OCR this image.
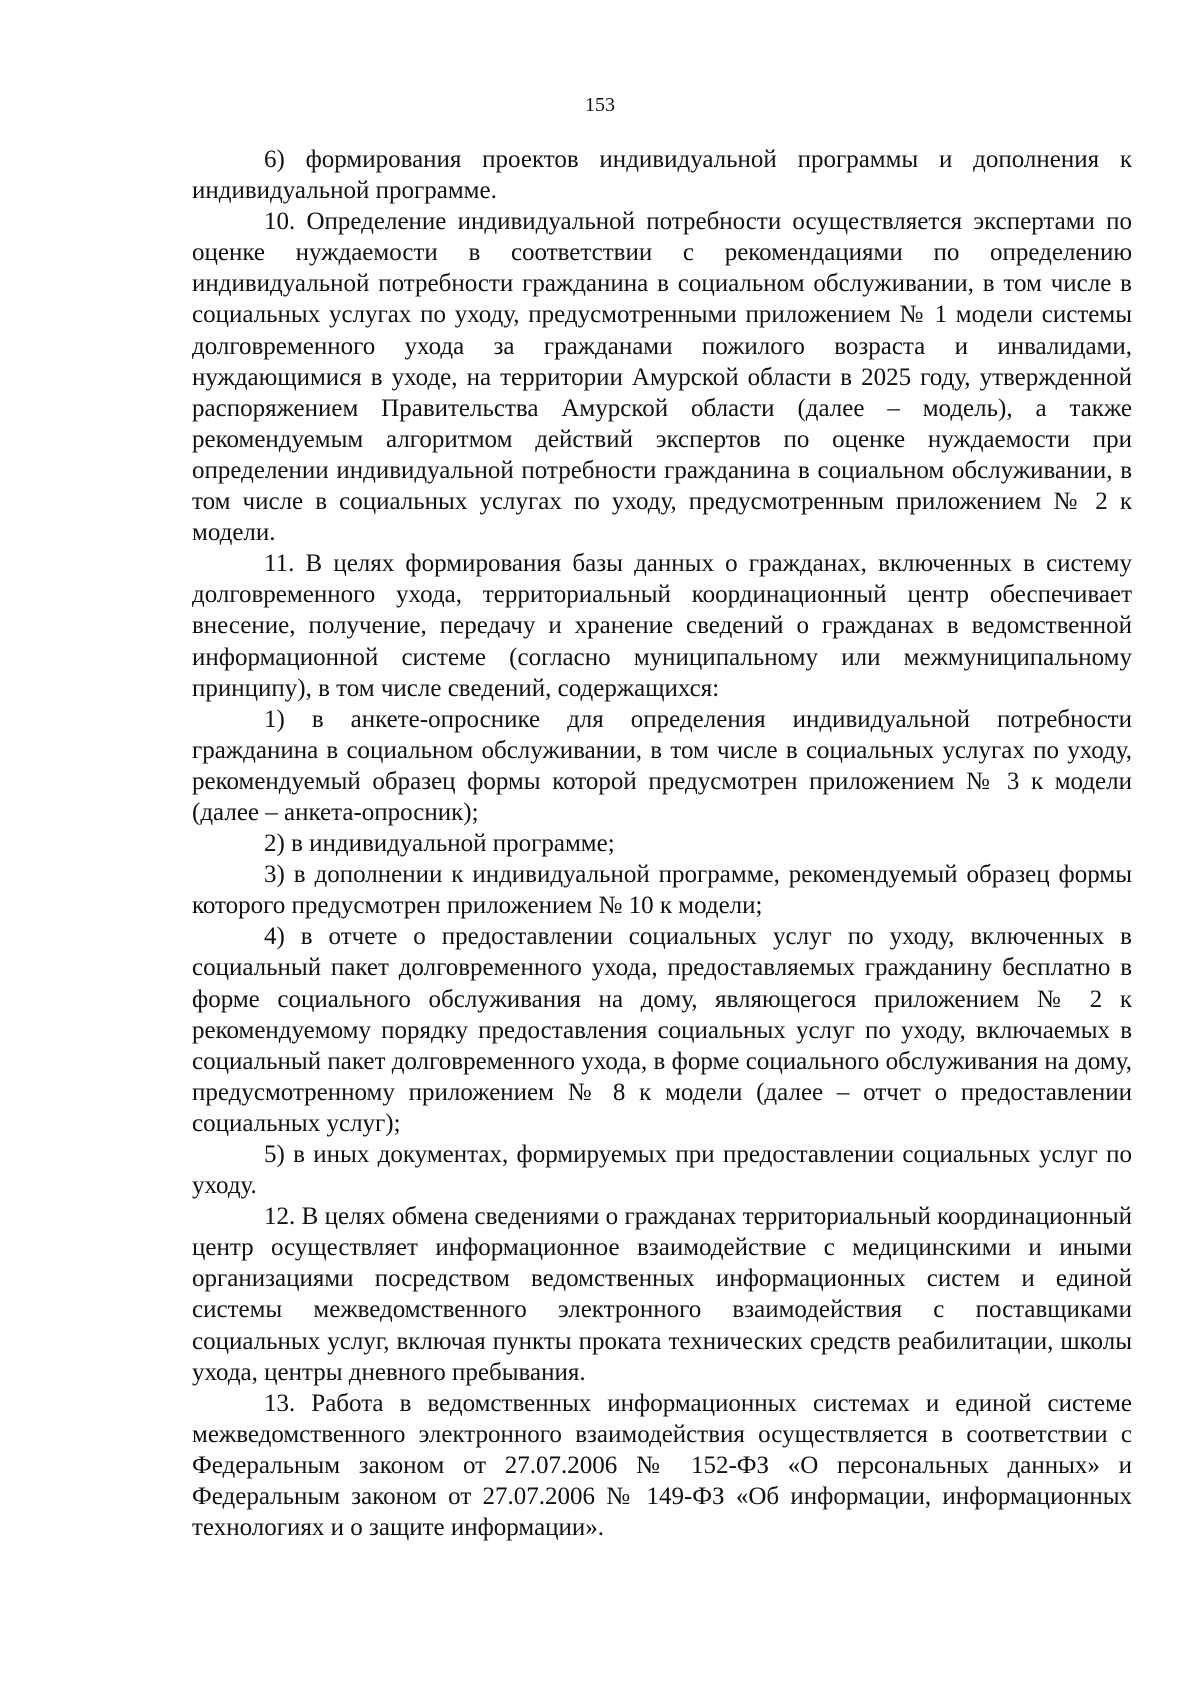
153

6) формирования проектов индивидуальной программы и дополнения к индивидуальной программе.

10. Определение индивидуальной потребности осуществляется экспертами по оценке нуждаемости в соответствии с рекомендациями по определению индивидуальной потребности гражданина в социальном обслуживании, в том числе в социальных услугах по уходу, предусмотренными приложением № 1 модели системы долговременного ухода за гражданами пожилого возраста и инвалидами, нуждающимися в уходе, на территории Амурской области в 2025 году, утвержденной распоряжением Правительства Амурской области (далее – модель), а также рекомендуемым алгоритмом действий экспертов по оценке нуждаемости при определении индивидуальной потребности гражданина в социальном обслуживании, в том числе в социальных услугах по уходу, предусмотренным приложением № 2 к модели.

11. В целях формирования базы данных о гражданах, включенных в систему долговременного ухода, территориальный координационный центр обеспечивает внесение, получение, передачу и хранение сведений о гражданах в ведомственной информационной системе (согласно муниципальному или межмуниципальному принципу), в том числе сведений, содержащихся:

1) в анкете-опроснике для определения индивидуальной потребности гражданина в социальном обслуживании, в том числе в социальных услугах по уходу, рекомендуемый образец формы которой предусмотрен приложением № 3 к модели (далее – анкета-опросник);

2) в индивидуальной программе;

3) в дополнении к индивидуальной программе, рекомендуемый образец формы которого предусмотрен приложением № 10 к модели;

4) в отчете о предоставлении социальных услуг по уходу, включенных в социальный пакет долговременного ухода, предоставляемых гражданину бесплатно в форме социального обслуживания на дому, являющегося приложением № 2 к рекомендуемому порядку предоставления социальных услуг по уходу, включаемых в социальный пакет долговременного ухода, в форме социального обслуживания на дому, предусмотренному приложением № 8 к модели (далее – отчет о предоставлении социальных услуг);

5) в иных документах, формируемых при предоставлении социальных услуг по уходу.

12. В целях обмена сведениями о гражданах территориальный координационный центр осуществляет информационное взаимодействие с медицинскими и иными организациями посредством ведомственных информационных систем и единой системы межведомственного электронного взаимодействия с поставщиками социальных услуг, включая пункты проката технических средств реабилитации, школы ухода, центры дневного пребывания.

13. Работа в ведомственных информационных системах и единой системе межведомственного электронного взаимодействия осуществляется в соответствии с Федеральным законом от 27.07.2006 № 152-ФЗ «О персональных данных» и Федеральным законом от 27.07.2006 № 149-ФЗ «Об информации, информационных технологиях и о защите информации».
